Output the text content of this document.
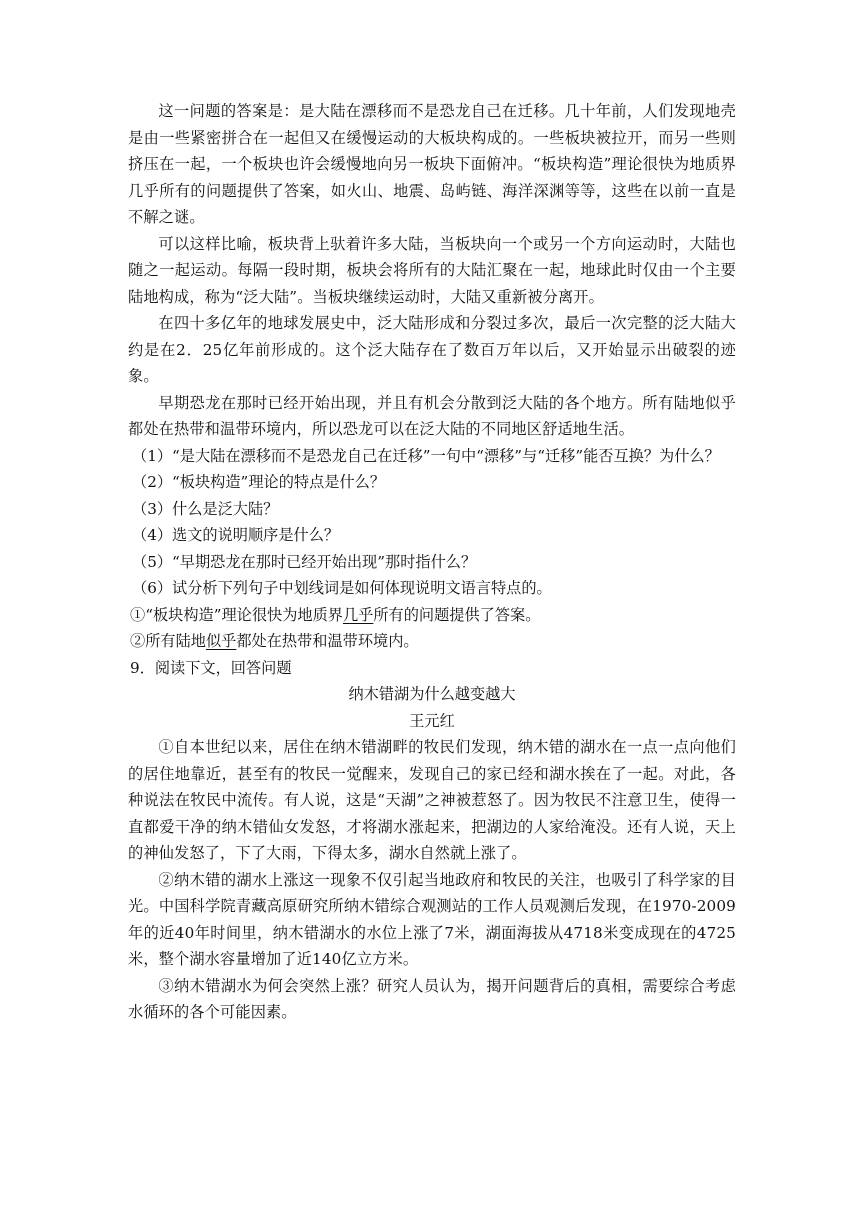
这一问题的答案是：是大陆在漂移而不是恐龙自己在迁移。几十年前，人们发现地壳是由一些紧密拼合在一起但又在缓慢运动的大板块构成的。一些板块被拉开，而另一些则挤压在一起，一个板块也许会缓慢地向另一板块下面俯冲。“板块构造”理论很快为地质界几乎所有的问题提供了答案，如火山、地震、岛屿链、海洋深渊等等，这些在以前一直是不解之谜。

可以这样比喻，板块背上驮着许多大陆，当板块向一个或另一个方向运动时，大陆也随之一起运动。每隔一段时期，板块会将所有的大陆汇聚在一起，地球此时仅由一个主要陆地构成，称为“泛大陆”。当板块继续运动时，大陆又重新被分离开。

在四十多亿年的地球发展史中，泛大陆形成和分裂过多次，最后一次完整的泛大陆大约是在2．25亿年前形成的。这个泛大陆存在了数百万年以后，又开始显示出破裂的迹象。

早期恐龙在那时已经开始出现，并且有机会分散到泛大陆的各个地方。所有陆地似乎都处在热带和温带环境内，所以恐龙可以在泛大陆的不同地区舒适地生活。

（1）“是大陆在漂移而不是恐龙自己在迁移”一句中“漂移”与“迁移”能否互换？为什么？

（2）“板块构造”理论的特点是什么？

（3）什么是泛大陆？

（4）选文的说明顺序是什么？

（5）“早期恐龙在那时已经开始出现”那时指什么？

（6）试分析下列句子中划线词是如何体现说明文语言特点的。

①“板块构造”理论很快为地质界几乎所有的问题提供了答案。

②所有陆地似乎都处在热带和温带环境内。

9．阅读下文，回答问题

纳木错湖为什么越变越大

王元红

①自本世纪以来，居住在纳木错湖畔的牧民们发现，纳木错的湖水在一点一点向他们的居住地靠近，甚至有的牧民一觉醒来，发现自己的家已经和湖水挨在了一起。对此，各种说法在牧民中流传。有人说，这是“天湖”之神被惹怒了。因为牧民不注意卫生，使得一直都爱干净的纳木错仙女发怒，才将湖水涨起来，把湖边的人家给淹没。还有人说，天上的神仙发怒了，下了大雨，下得太多，湖水自然就上涨了。

②纳木错的湖水上涨这一现象不仅引起当地政府和牧民的关注，也吸引了科学家的目光。中国科学院青藏高原研究所纳木错综合观测站的工作人员观测后发现，在1970-2009年的近40年时间里，纳木错湖水的水位上涨了7米，湖面海拔从4718米变成现在的4725米，整个湖水容量增加了近140亿立方米。

③纳木错湖水为何会突然上涨？研究人员认为，揭开问题背后的真相，需要综合考虑水循环的各个可能因素。
